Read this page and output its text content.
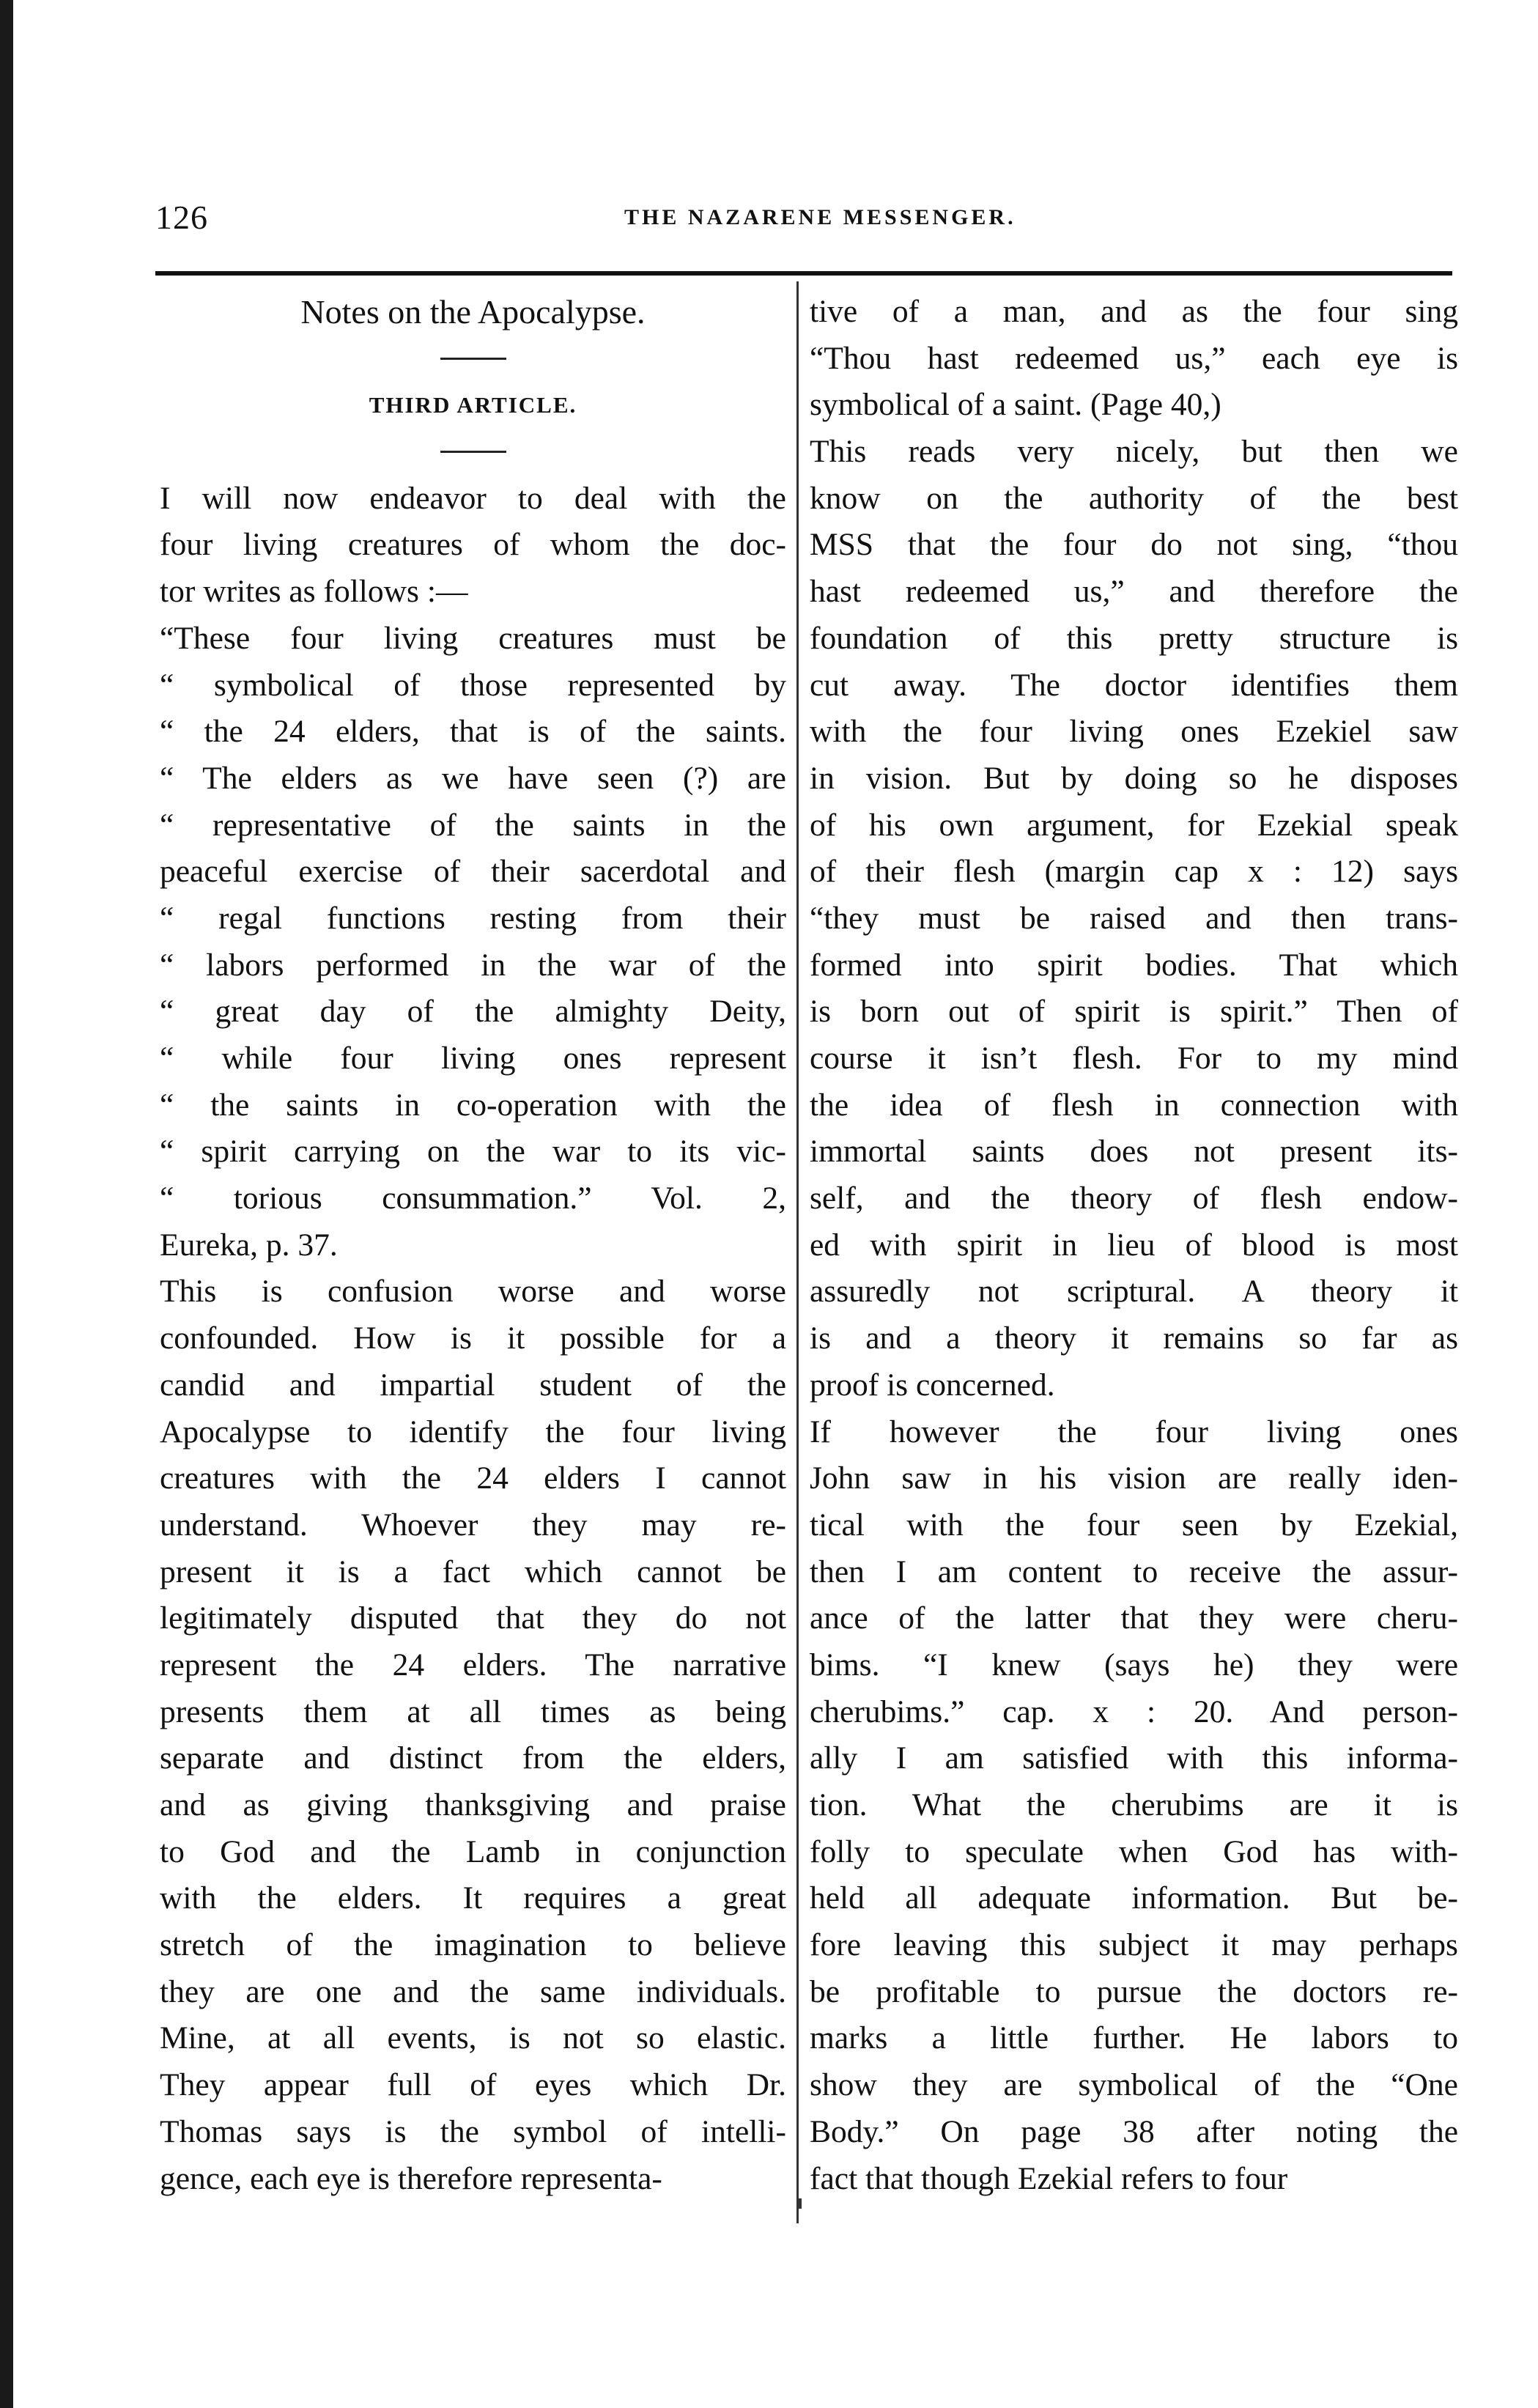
126	THE NAZARENE MESSENGER.
Notes on the Apocalypse.
THIRD ARTICLE.
I will now endeavor to deal with the
four living creatures of whom the doc-
tor writes as follows :—
“These four living creatures must be
“ symbolical of those represented by
“ the 24 elders, that is of the saints.
“ The elders as we have seen (?) are
“ representative of the saints in the
peaceful exercise of their sacerdotal and
“ regal functions resting from their
“ labors performed in the war of the
“ great day of the almighty Deity,
“ while four living ones represent
“ the saints in co-operation with the
“ spirit carrying on the war to its vic-
“ torious consummation.” Vol. 2,
Eureka, p. 37.
This is confusion worse and worse
confounded. How is it possible for a
candid and impartial student of the
Apocalypse to identify the four living
creatures with the 24 elders I cannot
understand. Whoever they may re-
present it is a fact which cannot be
legitimately disputed that they do not
represent the 24 elders. The narrative
presents them at all times as being
separate and distinct from the elders,
and as giving thanksgiving and praise
to God and the Lamb in conjunction
with the elders. It requires a great
stretch of the imagination to believe
they are one and the same individuals.
Mine, at all events, is not so elastic.
They appear full of eyes which Dr.
Thomas says is the symbol of intelli-
gence, each eye is therefore representa-
tive of a man, and as the four sing
“Thou hast redeemed us,” each eye is
symbolical of a saint. (Page 40,)
This reads very nicely, but then we
know on the authority of the best
MSS that the four do not sing, “thou
hast redeemed us,” and therefore the
foundation of this pretty structure is
cut away. The doctor identifies them
with the four living ones Ezekiel saw
in vision. But by doing so he disposes
of his own argument, for Ezekial speak
of their flesh (margin cap x : 12) says
“they must be raised and then trans-
formed into spirit bodies. That which
is born out of spirit is spirit.” Then of
course it isn’t flesh. For to my mind
the idea of flesh in connection with
immortal saints does not present its-
self, and the theory of flesh endow-
ed with spirit in lieu of blood is most
assuredly not scriptural. A theory it
is and a theory it remains so far as
proof is concerned.
If however the four living ones
John saw in his vision are really iden-
tical with the four seen by Ezekial,
then I am content to receive the assur-
ance of the latter that they were cheru-
bims. “I knew (says he) they were
cherubims.” cap. x : 20. And person-
ally I am satisfied with this informa-
tion. What the cherubims are it is
folly to speculate when God has with-
held all adequate information. But be-
fore leaving this subject it may perhaps
be profitable to pursue the doctors re-
marks a little further. He labors to
show they are symbolical of the “One
Body.” On page 38 after noting the
fact that though Ezekial refers to four
